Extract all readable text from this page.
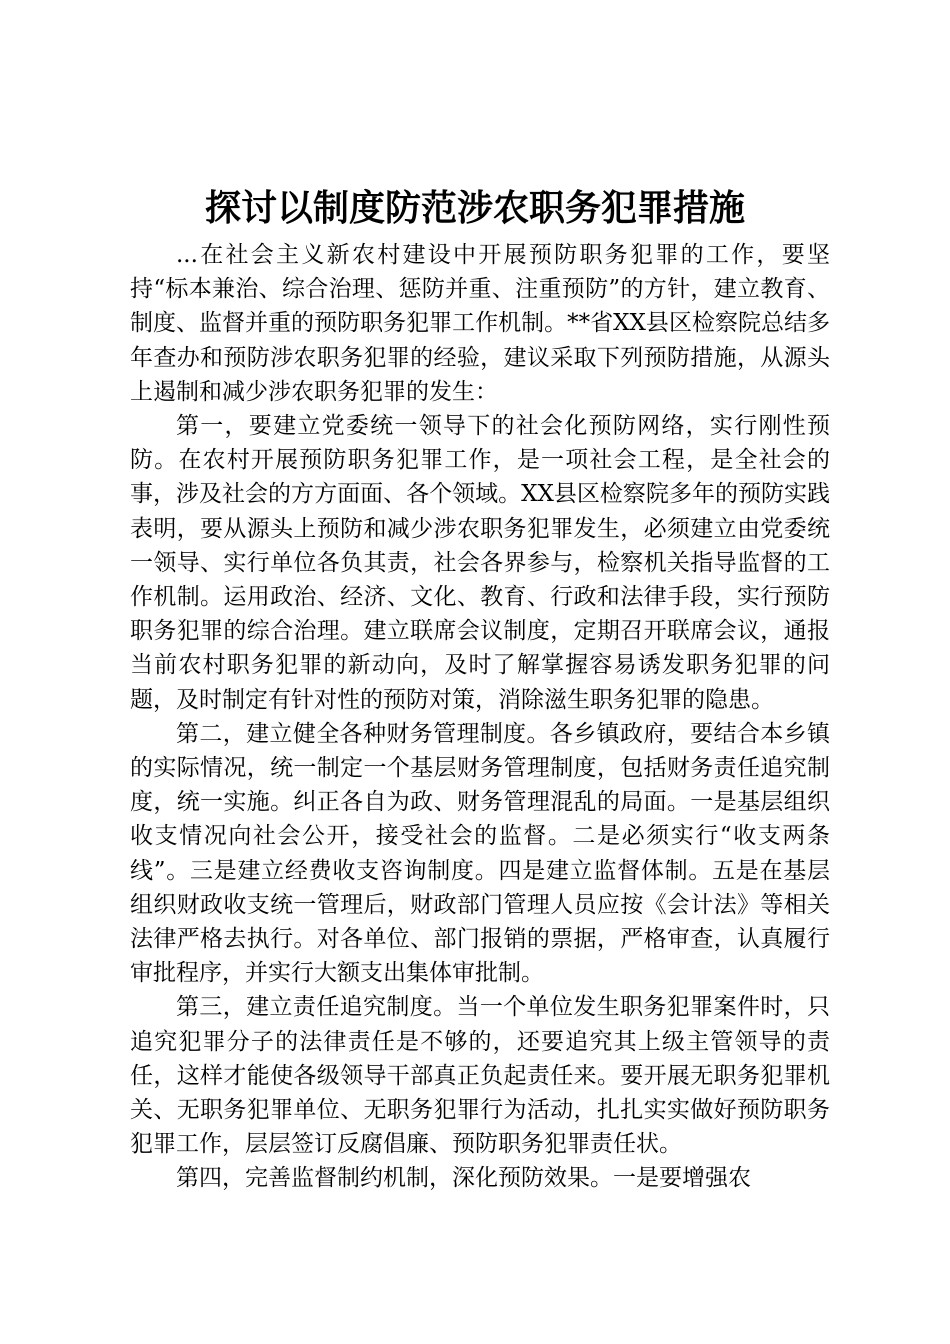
探讨以制度防范涉农职务犯罪措施

...在社会主义新农村建设中开展预防职务犯罪的工作，要坚持“标本兼治、综合治理、惩防并重、注重预防”的方针，建立教育、制度、监督并重的预防职务犯罪工作机制。**省XX县区检察院总结多年查办和预防涉农职务犯罪的经验，建议采取下列预防措施，从源头上遏制和减少涉农职务犯罪的发生：

第一，要建立党委统一领导下的社会化预防网络，实行刚性预防。在农村开展预防职务犯罪工作，是一项社会工程，是全社会的事，涉及社会的方方面面、各个领域。XX县区检察院多年的预防实践表明，要从源头上预防和减少涉农职务犯罪发生，必须建立由党委统一领导、实行单位各负其责，社会各界参与，检察机关指导监督的工作机制。运用政治、经济、文化、教育、行政和法律手段，实行预防职务犯罪的综合治理。建立联席会议制度，定期召开联席会议，通报当前农村职务犯罪的新动向，及时了解掌握容易诱发职务犯罪的问题，及时制定有针对性的预防对策，消除滋生职务犯罪的隐患。

第二，建立健全各种财务管理制度。各乡镇政府，要结合本乡镇的实际情况，统一制定一个基层财务管理制度，包括财务责任追究制度，统一实施。纠正各自为政、财务管理混乱的局面。一是基层组织收支情况向社会公开，接受社会的监督。二是必须实行“收支两条线”。三是建立经费收支咨询制度。四是建立监督体制。五是在基层组织财政收支统一管理后，财政部门管理人员应按《会计法》等相关法律严格去执行。对各单位、部门报销的票据，严格审查，认真履行审批程序，并实行大额支出集体审批制。

第三，建立责任追究制度。当一个单位发生职务犯罪案件时，只追究犯罪分子的法律责任是不够的，还要追究其上级主管领导的责任，这样才能使各级领导干部真正负起责任来。要开展无职务犯罪机关、无职务犯罪单位、无职务犯罪行为活动，扎扎实实做好预防职务犯罪工作，层层签订反腐倡廉、预防职务犯罪责任状。

第四，完善监督制约机制，深化预防效果。一是要增强农
